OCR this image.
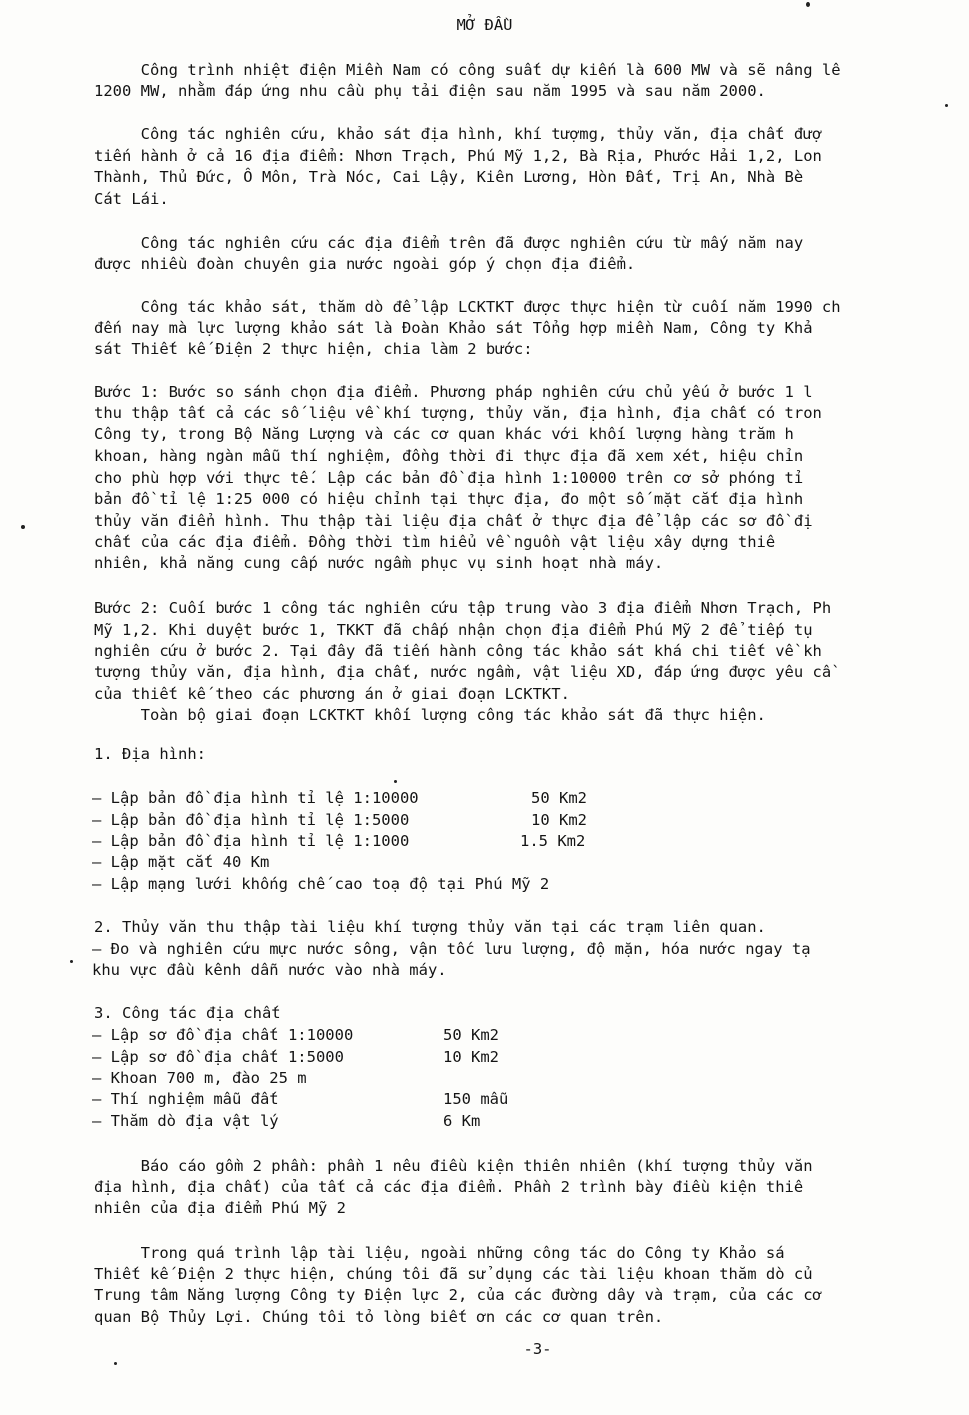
MỞ ĐẦU
Công trình nhiệt điện Miền Nam có công suất dự kiến là 600 MW và sẽ nâng lê
1200 MW, nhằm đáp ứng nhu cầu phụ tải điện sau năm 1995 và sau năm 2000.
Công tác nghiên cứu, khảo sát địa hình, khí tượmg, thủy văn, địa chất đượ
tiến hành ở cả 16 địa điểm: Nhơn Trạch, Phú Mỹ 1,2, Bà Rịa, Phước Hải 1,2, Lon
Thành, Thủ Đức, Ô Môn, Trà Nóc, Cai Lậy, Kiên Lương, Hòn Đất, Trị An, Nhà Bè
Cát Lái.
Công tác nghiên cứu các địa điểm trên đã được nghiên cứu từ mấy năm nay
được nhiều đoàn chuyên gia nước ngoài góp ý chọn địa điểm.
Công tác khảo sát, thăm dò để lập LCKTKT được thực hiện từ cuối năm 1990 ch
đến nay mà lực lượng khảo sát là Đoàn Khảo sát Tổng hợp miền Nam, Công ty Khả
sát Thiết kế Điện 2 thực hiện, chia làm 2 bước:
Bước 1: Bước so sánh chọn địa điểm. Phương pháp nghiên cứu chủ yếu ở bước 1 l
thu thập tất cả các số liệu về khí tượng, thủy văn, địa hình, địa chất có tron
Công ty, trong Bộ Năng Lượng và các cơ quan khác với khối lượng hàng trăm h
khoan, hàng ngàn mẫu thí nghiệm, đồng thời đi thực địa đã xem xét, hiệu chỉn
cho phù hợp với thực tế. Lập các bản đồ địa hình 1:10000 trên cơ sở phóng tỉ
bản đồ tỉ lệ 1:25 000 có hiệu chỉnh tại thực địa, đo một số mặt cắt địa hình
thủy văn điển hình. Thu thập tài liệu địa chất ở thực địa để lập các sơ đồ đị
chất của các địa điểm. Đồng thời tìm hiểu về nguồn vật liệu xây dựng thiê
nhiên, khả năng cung cấp nước ngầm phục vụ sinh hoạt nhà máy.
Bước 2: Cuối bước 1 công tác nghiên cứu tập trung vào 3 địa điểm Nhơn Trạch, Ph
Mỹ 1,2. Khi duyệt bước 1, TKKT đã chấp nhận chọn địa điểm Phú Mỹ 2 để tiếp tụ
nghiên cứu ở bước 2. Tại đây đã tiến hành công tác khảo sát khá chi tiết về kh
tượng thủy văn, địa hình, địa chất, nước ngầm, vật liệu XD, đáp ứng được yêu cầ
của thiết kế theo các phương án ở giai đoạn LCKTKT.
Toàn bộ giai đoạn LCKTKT khối lượng công tác khảo sát đã thực hiện.
1. Địa hình:
– Lập bản đồ địa hình tỉ lệ 1:10000	50 Km2
– Lập bản đồ địa hình tỉ lệ 1:5000	10 Km2
– Lập bản đồ địa hình tỉ lệ 1:1000	1.5 Km2
– Lập mặt cắt 40 Km
– Lập mạng lưới khống chế cao toạ độ tại Phú Mỹ 2
2. Thủy văn thu thập tài liệu khí tượng thủy văn tại các trạm liên quan.
– Đo và nghiên cứu mực nước sông, vận tốc lưu lượng, độ mặn, hóa nước ngay tạ
khu vực đầu kênh dẫn nước vào nhà máy.
3. Công tác địa chất
– Lập sơ đồ địa chất 1:10000	50 Km2
– Lập sơ đồ địa chất 1:5000	10 Km2
– Khoan 700 m, đào 25 m
– Thí nghiệm mẫu đất	150 mẫu
– Thăm dò địa vật lý	6 Km
Báo cáo gồm 2 phần: phần 1 nêu điều kiện thiên nhiên (khí tượng thủy văn
địa hình, địa chất) của tất cả các địa điểm. Phần 2 trình bày điều kiện thiê
nhiên của địa điểm Phú Mỹ 2
Trong quá trình lập tài liệu, ngoài những công tác do Công ty Khảo sá
Thiết kế Điện 2 thực hiện, chúng tôi đã sử dụng các tài liệu khoan thăm dò củ
Trung tâm Năng lượng Công ty Điện lực 2, của các đường dây và trạm, của các cơ
quan Bộ Thủy Lợi. Chúng tôi tỏ lòng biết ơn các cơ quan trên.
-3-
